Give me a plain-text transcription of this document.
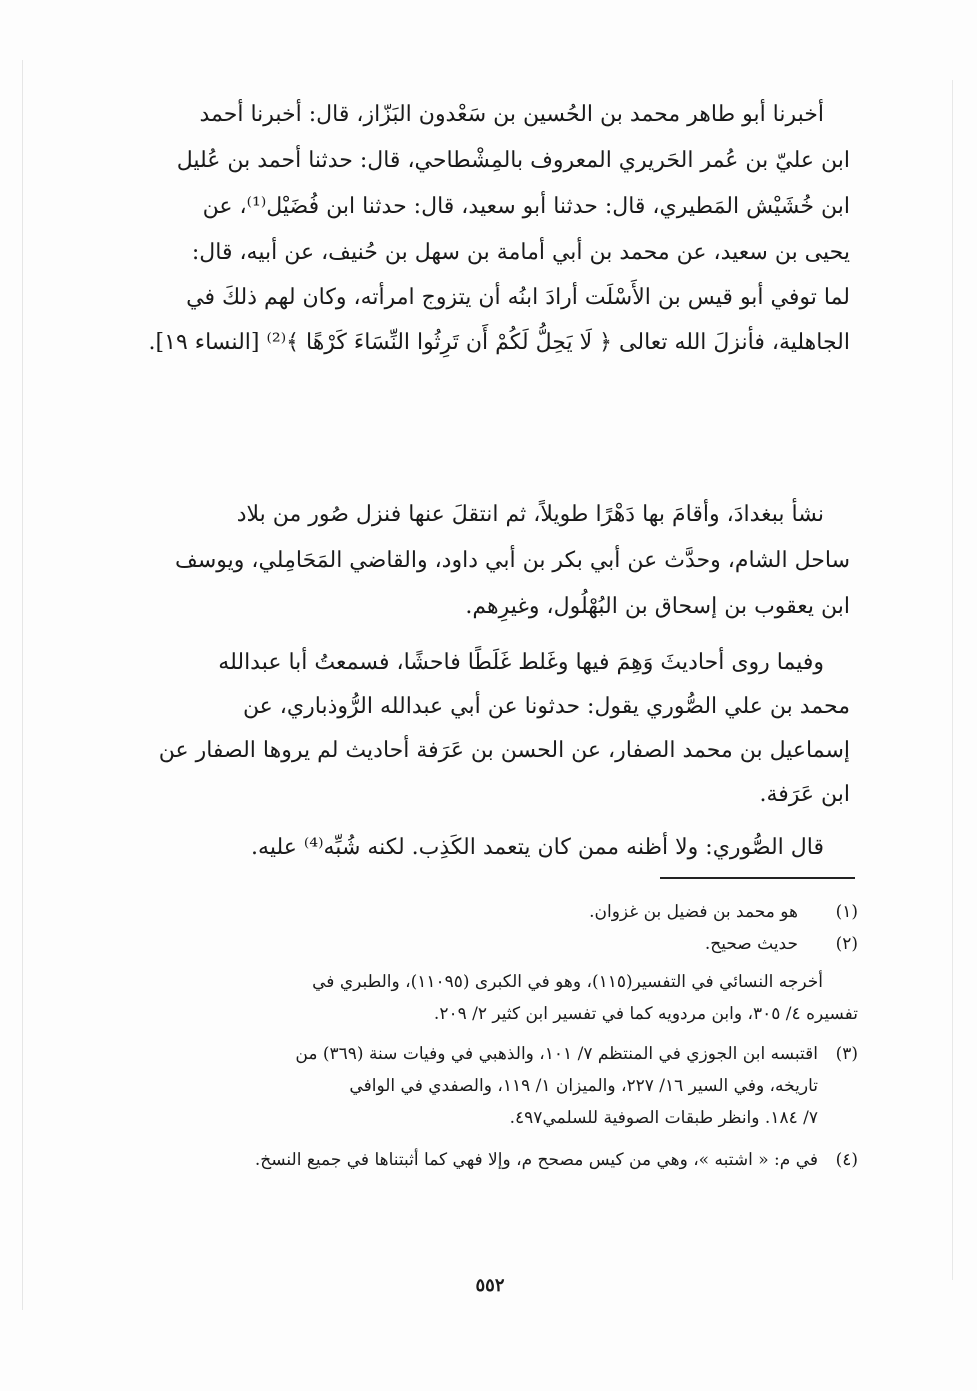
أخبرنا أبو طاهر محمد بن الحُسين بن سَعْدون البَزّاز، قال: أخبرنا أحمد
ابن عليّ بن عُمر الحَريري المعروف بالمِشْطاحي، قال: حدثنا أحمد بن عُليل
ابن خُشَيْش المَطيري، قال: حدثنا أبو سعيد، قال: حدثنا ابن فُضَيْل⁽¹⁾، عن
يحيى بن سعيد، عن محمد بن أبي أمامة بن سهل بن حُنيف، عن أبيه، قال:
لما توفي أبو قيس بن الأَسْلَت أرادَ ابنُه أن يتزوج امرأته، وكان لهم ذلكَ في
الجاهلية، فأنزلَ الله تعالى ﴿ لَا يَحِلُّ لَكُمْ أَن تَرِثُوا النِّسَاءَ كَرْهًا ﴾⁽²⁾ [النساء ١٩].
نشأ ببغدادَ، وأقامَ بها دَهْرًا طويلاً، ثم انتقلَ عنها فنزل صُور من بلاد
ساحل الشام، وحدَّث عن أبي بكر بن أبي داود، والقاضي المَحَامِلي، ويوسف
ابن يعقوب بن إسحاق بن البُهْلُول، وغيرِهم.
وفيما روى أحاديثَ وَهِمَ فيها وغَلط غَلَطًا فاحشًا، فسمعتُ أبا عبدالله
محمد بن علي الصُّوري يقول: حدثونا عن أبي عبدالله الرُّوذباري، عن
إسماعيل بن محمد الصفار، عن الحسن بن عَرَفة أحاديث لم يروها الصفار عن
ابن عَرَفة.
قال الصُّوري: ولا أظنه ممن كان يتعمد الكَذِب. لكنه شُبِّه⁽⁴⁾ عليه.
(١)
هو محمد بن فضيل بن غزوان.
(٢)
حديث صحيح.
أخرجه النسائي في التفسير(١١٥)، وهو في الكبرى (١١٠٩٥)، والطبري في
تفسيره ٤/ ٣٠٥، وابن مردويه كما في تفسير ابن كثير ٢/ ٢٠٩.
(٣)
اقتبسه ابن الجوزي في المنتظم ٧/ ١٠١، والذهبي في وفيات سنة (٣٦٩) من
تاريخه، وفي السير ١٦/ ٢٢٧، والميزان ١/ ١١٩، والصفدي في الوافي
٧/ ١٨٤. وانظر طبقات الصوفية للسلمي٤٩٧.
(٤)
في م: « اشتبه »، وهي من كيس مصحح م، وإلا فهي كما أثبتناها في جميع النسخ.
٥٥٢
